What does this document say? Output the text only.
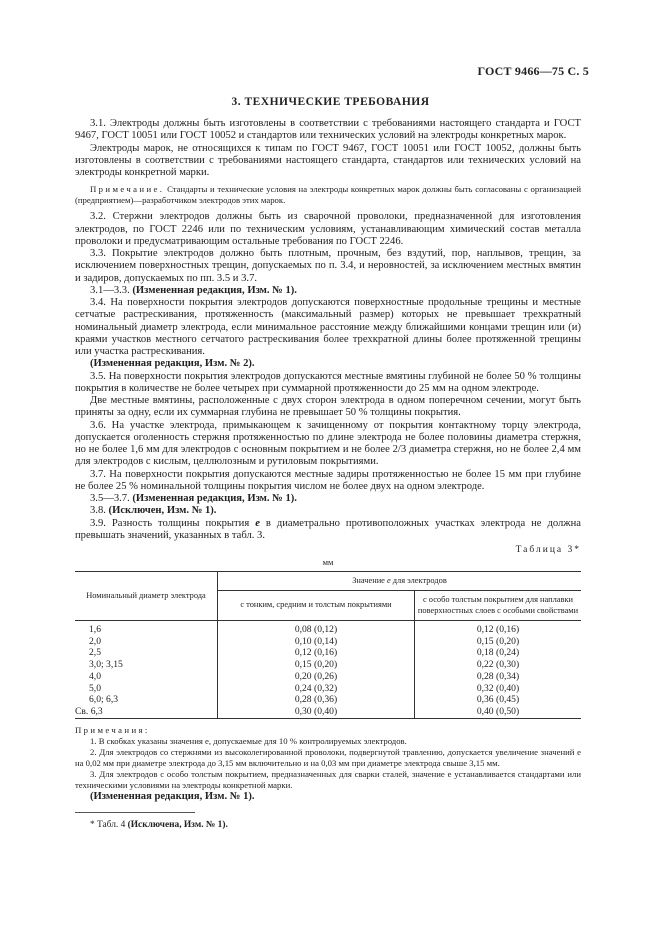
ГОСТ 9466—75 С. 5
3. ТЕХНИЧЕСКИЕ ТРЕБОВАНИЯ

3.1. Электроды должны быть изготовлены в соответствии с требованиями настоящего стандарта и ГОСТ 9467, ГОСТ 10051 или ГОСТ 10052 и стандартов или технических условий на электроды конкретных марок.

Электроды марок, не относящихся к типам по ГОСТ 9467, ГОСТ 10051 или ГОСТ 10052, должны быть изготовлены в соответствии с требованиями настоящего стандарта, стандартов или технических условий на электроды конкретной марки.

Примечание. Стандарты и технические условия на электроды конкретных марок должны быть согласованы с организацией (предприятием)—разработчиком электродов этих марок.

3.2. Стержни электродов должны быть из сварочной проволоки, предназначенной для изготовления электродов, по ГОСТ 2246 или по техническим условиям, устанавливающим химический состав металла проволоки и предусматривающим остальные требования по ГОСТ 2246.

3.3. Покрытие электродов должно быть плотным, прочным, без вздутий, пор, наплывов, трещин, за исключением поверхностных трещин, допускаемых по п. 3.4, и неровностей, за исключением местных вмятин и задиров, допускаемых по пп. 3.5 и 3.7.

3.1—3.3. (Измененная редакция, Изм. № 1).

3.4. На поверхности покрытия электродов допускаются поверхностные продольные трещины и местные сетчатые растрескивания, протяженность (максимальный размер) которых не превышает трехкратный номинальный диаметр электрода, если минимальное расстояние между ближайшими концами трещин или (и) краями участков местного сетчатого растрескивания более трехкратной длины более протяженной трещины или участка растрескивания.

(Измененная редакция, Изм. № 2).

3.5. На поверхности покрытия электродов допускаются местные вмятины глубиной не более 50 % толщины покрытия в количестве не более четырех при суммарной протяженности до 25 мм на одном электроде.

Две местные вмятины, расположенные с двух сторон электрода в одном поперечном сечении, могут быть приняты за одну, если их суммарная глубина не превышает 50 % толщины покрытия.

3.6. На участке электрода, примыкающем к зачищенному от покрытия контактному торцу электрода, допускается оголенность стержня протяженностью по длине электрода не более половины диаметра стержня, но не более 1,6 мм для электродов с основным покрытием и не более 2/3 диаметра стержня, но не более 2,4 мм для электродов с кислым, целлюлозным и рутиловым покрытиями.

3.7. На поверхности покрытия допускаются местные задиры протяженностью не более 15 мм при глубине не более 25 % номинальной толщины покрытия числом не более двух на одном электроде.

3.5—3.7. (Измененная редакция, Изм. № 1).

3.8. (Исключен, Изм. № 1).

3.9. Разность толщины покрытия e в диаметрально противоположных участках электрода не должна превышать значений, указанных в табл. 3.

Таблица 3*
мм
Номинальный диаметр электрода	Значение e для электродов	
	с тонким, средним и толстым покрытиями	с особо толстым покрытием для наплавки поверхностных слоев с особыми свойствами
1,6	0,08 (0,12)	0,12 (0,16)
2,0	0,10 (0,14)	0,15 (0,20)
2,5	0,12 (0,16)	0,18 (0,24)
3,0; 3,15	0,15 (0,20)	0,22 (0,30)
4,0	0,20 (0,26)	0,28 (0,34)
5,0	0,24 (0,32)	0,32 (0,40)
6,0; 6,3	0,28 (0,36)	0,36 (0,45)
Св. 6,3	0,30 (0,40)	0,40 (0,50)
Примечания:

1. В скобках указаны значения e, допускаемые для 10 % контролируемых электродов.

2. Для электродов со стержнями из высоколегированной проволоки, подвергнутой травлению, допускается увеличение значений e на 0,02 мм при диаметре электрода до 3,15 мм включительно и на 0,03 мм при диаметре электрода свыше 3,15 мм.

3. Для электродов с особо толстым покрытием, предназначенных для сварки сталей, значение e устанавливается стандартами или техническими условиями на электроды конкретной марки.

(Измененная редакция, Изм. № 1).

* Табл. 4 (Исключена, Изм. № 1).
